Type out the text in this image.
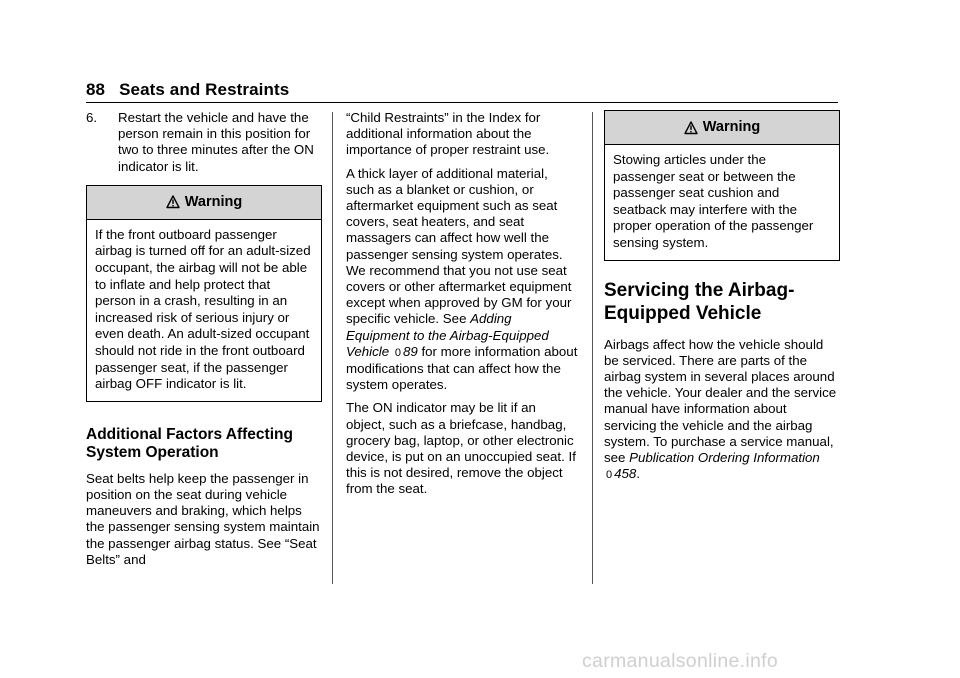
88 Seats and Restraints
6.	Restart the vehicle and have the person remain in this position for two to three minutes after the ON indicator is lit.
Warning
If the front outboard passenger airbag is turned off for an adult-sized occupant, the airbag will not be able to inflate and help protect that person in a crash, resulting in an increased risk of serious injury or even death. An adult-sized occupant should not ride in the front outboard passenger seat, if the passenger airbag OFF indicator is lit.
Additional Factors Affecting System Operation

Seat belts help keep the passenger in position on the seat during vehicle maneuvers and braking, which helps the passenger sensing system maintain the passenger airbag status. See “Seat Belts” and

“Child Restraints” in the Index for additional information about the importance of proper restraint use.

A thick layer of additional material, such as a blanket or cushion, or aftermarket equipment such as seat covers, seat heaters, and seat massagers can affect how well the passenger sensing system operates. We recommend that you not use seat covers or other aftermarket equipment except when approved by GM for your specific vehicle. See Adding Equipment to the Airbag-Equipped Vehicle 0 89 for more information about modifications that can affect how the system operates.

The ON indicator may be lit if an object, such as a briefcase, handbag, grocery bag, laptop, or other electronic device, is put on an unoccupied seat. If this is not desired, remove the object from the seat.

Warning
Stowing articles under the passenger seat or between the passenger seat cushion and seatback may interfere with the proper operation of the passenger sensing system.
Servicing the Airbag-Equipped Vehicle

Airbags affect how the vehicle should be serviced. There are parts of the airbag system in several places around the vehicle. Your dealer and the service manual have information about servicing the vehicle and the airbag system. To purchase a service manual, see Publication Ordering Information
0 458.

carmanualsonline.info
